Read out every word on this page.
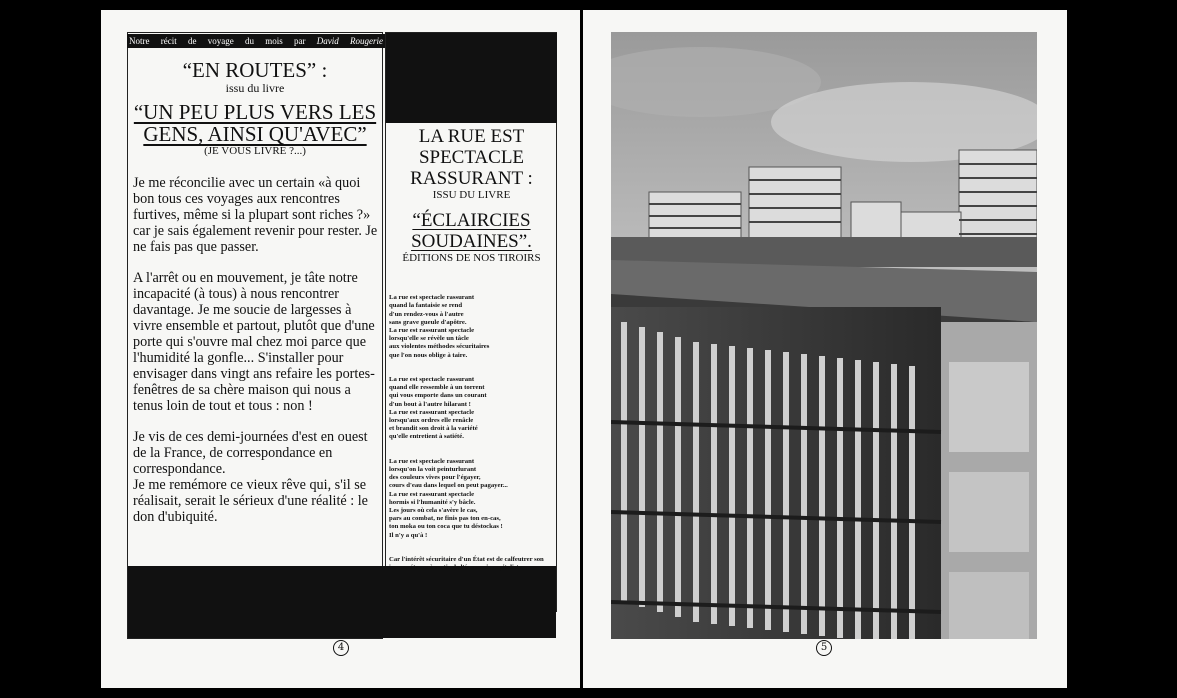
Notre récit de voyage du mois par David Rougerie
“EN ROUTES” :
issu du livre
“UN PEU PLUS VERS LES GENS, AINSI QU'AVEC”
(JE VOUS LIVRE ?...)

Je me réconcilie avec un certain «à quoi bon tous ces voyages aux rencontres furtives, même si la plupart sont riches ?» car je sais également revenir pour rester. Je ne fais pas que passer.

A l'arrêt ou en mouvement, je tâte notre incapacité (à tous) à nous rencontrer davantage. Je me soucie de largesses à vivre ensemble et partout, plutôt que d'une porte qui s'ouvre mal chez moi parce que l'humidité la gonfle... S'installer pour envisager dans vingt ans refaire les portes-fenêtres de sa chère maison qui nous a tenus loin de tout et tous : non !

Je vis de ces demi-journées d'est en ouest de la France, de correspondance en correspondance.
Je me remémore ce vieux rêve qui, s'il se réalisait, serait le sérieux d'une réalité : le don d'ubiquité.

LA RUE EST SPECTACLE RASSURANT :
ISSU DU LIVRE
“ÉCLAIRCIES SOUDAINES”.
ÉDITIONS DE NOS TIROIRS

La rue est spectacle rassurant
quand la fantaisie se rend
d'un rendez-vous à l'autre
sans grave gueule d'apôtre.
La rue est rassurant spectacle
lorsqu'elle se révèle un tâcle
aux violentes méthodes sécuritaires
que l'on nous oblige à taire.

La rue est spectacle rassurant
quand elle ressemble à un torrent
qui vous emporte dans un courant
d'un bout à l'autre hilarant !
La rue est rassurant spectacle
lorsqu'aux ordres elle renâcle
et brandit son droit à la variété
qu'elle entretient à satiété.

La rue est spectacle rassurant
lorsqu'on la voit peinturlurant
des couleurs vives pour l'égayer,
cours d'eau dans lequel on peut pagayer...
La rue est rassurant spectacle
hormis si l'humanité s'y bâcle.
Les jours où cela s'avère le cas,
pars au combat, ne finis pas ton en-cas,
ton moka ou ton coca que tu déstockas !
Il n'y a qu'à !

Car l'intérêt sécuritaire d'un État est de calfeutrer son
incompétence à sortir de l'économie capitaliste.

4	5
